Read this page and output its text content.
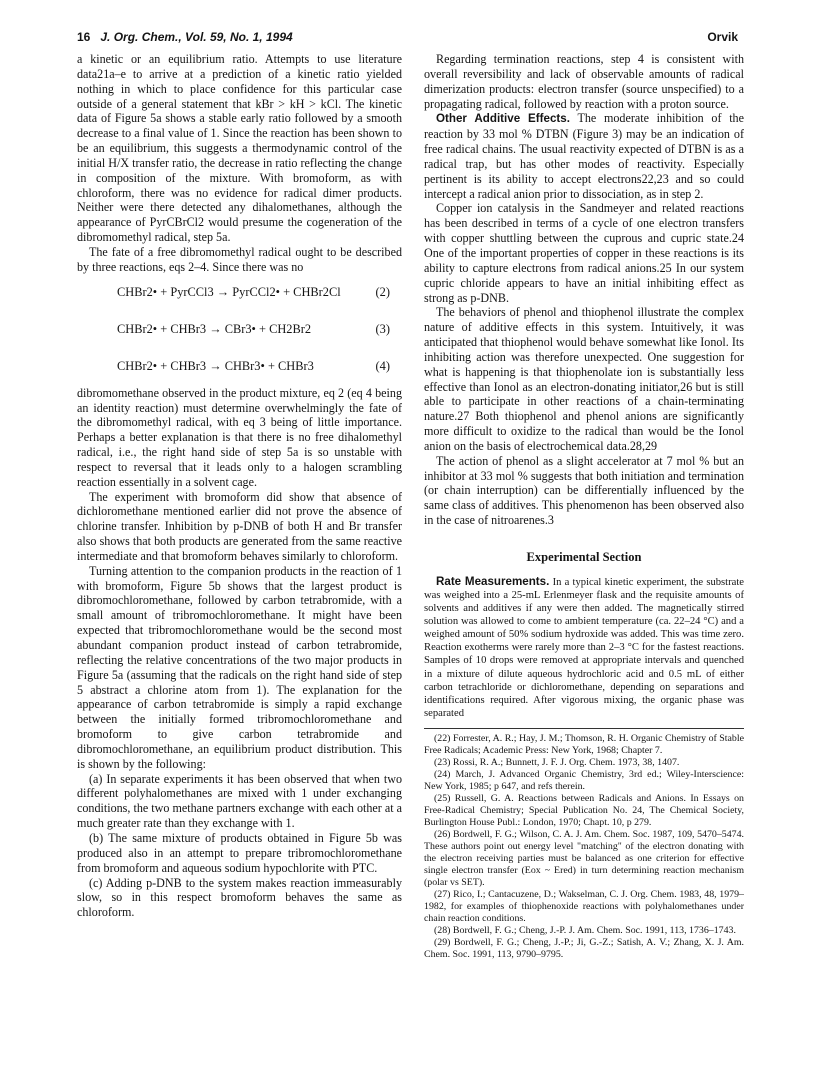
16 J. Org. Chem., Vol. 59, No. 1, 1994	Orvik

a kinetic or an equilibrium ratio. Attempts to use literature data21a–e to arrive at a prediction of a kinetic ratio yielded nothing in which to place confidence for this particular case outside of a general statement that kBr > kH > kCl. The kinetic data of Figure 5a shows a stable early ratio followed by a smooth decrease to a final value of 1. Since the reaction has been shown to be an equilibrium, this suggests a thermodynamic control of the initial H/X transfer ratio, the decrease in ratio reflecting the change in composition of the mixture. With bromoform, as with chloroform, there was no evidence for radical dimer products. Neither were there detected any dihalomethanes, although the appearance of PyrCBrCl2 would presume the cogeneration of the dibromomethyl radical, step 5a.

The fate of a free dibromomethyl radical ought to be described by three reactions, eqs 2–4. Since there was no

CHBr2• + PyrCCl3 → PyrCCl2• + CHBr2Cl	(2)
CHBr2• + CHBr3 → CBr3• + CH2Br2	(3)
CHBr2• + CHBr3 → CHBr3• + CHBr3	(4)

dibromomethane observed in the product mixture, eq 2 (eq 4 being an identity reaction) must determine overwhelmingly the fate of the dibromomethyl radical, with eq 3 being of little importance. Perhaps a better explanation is that there is no free dihalomethyl radical, i.e., the right hand side of step 5a is so unstable with respect to reversal that it leads only to a halogen scrambling reaction essentially in a solvent cage.

The experiment with bromoform did show that absence of dichloromethane mentioned earlier did not prove the absence of chlorine transfer. Inhibition by p-DNB of both H and Br transfer also shows that both products are generated from the same reactive intermediate and that bromoform behaves similarly to chloroform.

Turning attention to the companion products in the reaction of 1 with bromoform, Figure 5b shows that the largest product is dibromochloromethane, followed by carbon tetrabromide, with a small amount of tribromochloromethane. It might have been expected that tribromochloromethane would be the second most abundant companion product instead of carbon tetrabromide, reflecting the relative concentrations of the two major products in Figure 5a (assuming that the radicals on the right hand side of step 5 abstract a chlorine atom from 1). The explanation for the appearance of carbon tetrabromide is simply a rapid exchange between the initially formed tribromochloromethane and bromoform to give carbon tetrabromide and dibromochloromethane, an equilibrium product distribution. This is shown by the following:

(a) In separate experiments it has been observed that when two different polyhalomethanes are mixed with 1 under exchanging conditions, the two methane partners exchange with each other at a much greater rate than they exchange with 1.

(b) The same mixture of products obtained in Figure 5b was produced also in an attempt to prepare tribromochloromethane from bromoform and aqueous sodium hypochlorite with PTC.

(c) Adding p-DNB to the system makes reaction immeasurably slow, so in this respect bromoform behaves the same as chloroform.

Regarding termination reactions, step 4 is consistent with overall reversibility and lack of observable amounts of radical dimerization products: electron transfer (source unspecified) to a propagating radical, followed by reaction with a proton source.

Other Additive Effects. The moderate inhibition of the reaction by 33 mol % DTBN (Figure 3) may be an indication of free radical chains. The usual reactivity expected of DTBN is as a radical trap, but has other modes of reactivity. Especially pertinent is its ability to accept electrons22,23 and so could intercept a radical anion prior to dissociation, as in step 2.

Copper ion catalysis in the Sandmeyer and related reactions has been described in terms of a cycle of one electron transfers with copper shuttling between the cuprous and cupric state.24 One of the important properties of copper in these reactions is its ability to capture electrons from radical anions.25 In our system cupric chloride appears to have an initial inhibiting effect as strong as p-DNB.

The behaviors of phenol and thiophenol illustrate the complex nature of additive effects in this system. Intuitively, it was anticipated that thiophenol would behave somewhat like Ionol. Its inhibiting action was therefore unexpected. One suggestion for what is happening is that thiophenolate ion is substantially less effective than Ionol as an electron-donating initiator,26 but is still able to participate in other reactions of a chain-terminating nature.27 Both thiophenol and phenol anions are significantly more difficult to oxidize to the radical than would be the Ionol anion on the basis of electrochemical data.28,29

The action of phenol as a slight accelerator at 7 mol % but an inhibitor at 33 mol % suggests that both initiation and termination (or chain interruption) can be differentially influenced by the same class of additives. This phenomenon has been observed also in the case of nitroarenes.3

Experimental Section

Rate Measurements. In a typical kinetic experiment, the substrate was weighed into a 25-mL Erlenmeyer flask and the requisite amounts of solvents and additives if any were then added. The magnetically stirred solution was allowed to come to ambient temperature (ca. 22–24 °C) and a weighed amount of 50% sodium hydroxide was added. This was time zero. Reaction exotherms were rarely more than 2–3 °C for the fastest reactions. Samples of 10 drops were removed at appropriate intervals and quenched in a mixture of dilute aqueous hydrochloric acid and 0.5 mL of either carbon tetrachloride or dichloromethane, depending on separations and identifications required. After vigorous mixing, the organic phase was separated

(22) Forrester, A. R.; Hay, J. M.; Thomson, R. H. Organic Chemistry of Stable Free Radicals; Academic Press: New York, 1968; Chapter 7.

(23) Rossi, R. A.; Bunnett, J. F. J. Org. Chem. 1973, 38, 1407.

(24) March, J. Advanced Organic Chemistry, 3rd ed.; Wiley-Interscience: New York, 1985; p 647, and refs therein.

(25) Russell, G. A. Reactions between Radicals and Anions. In Essays on Free-Radical Chemistry; Special Publication No. 24, The Chemical Society, Burlington House Publ.: London, 1970; Chapt. 10, p 279.

(26) Bordwell, F. G.; Wilson, C. A. J. Am. Chem. Soc. 1987, 109, 5470–5474. These authors point out energy level "matching" of the electron donating with the electron receiving parties must be balanced as one criterion for effective single electron transfer (Eox ~ Ered) in turn determining reaction mechanism (polar vs SET).

(27) Rico, I.; Cantacuzene, D.; Wakselman, C. J. Org. Chem. 1983, 48, 1979–1982, for examples of thiophenoxide reactions with polyhalomethanes under chain reaction conditions.

(28) Bordwell, F. G.; Cheng, J.-P. J. Am. Chem. Soc. 1991, 113, 1736–1743.

(29) Bordwell, F. G.; Cheng, J.-P.; Ji, G.-Z.; Satish, A. V.; Zhang, X. J. Am. Chem. Soc. 1991, 113, 9790–9795.
